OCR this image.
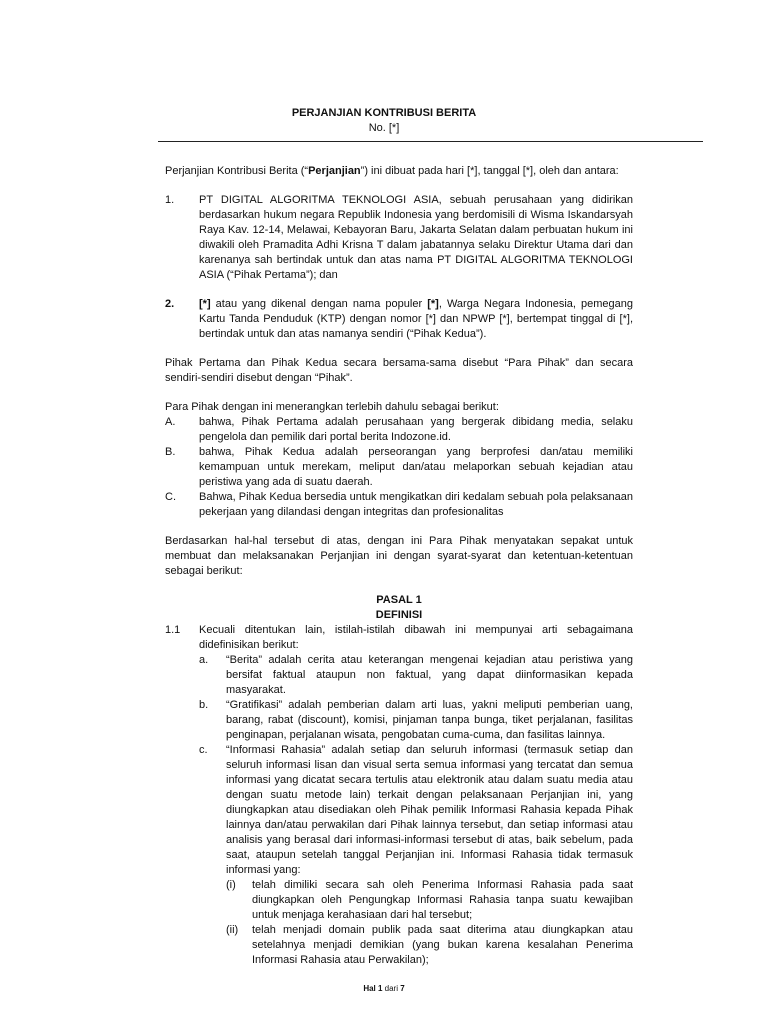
PERJANJIAN KONTRIBUSI BERITA
No. [*]

Perjanjian Kontribusi Berita (“Perjanjian”) ini dibuat pada hari [*], tanggal [*], oleh dan antara:

1.	PT DIGITAL ALGORITMA TEKNOLOGI ASIA, sebuah perusahaan yang didirikan berdasarkan hukum negara Republik Indonesia yang berdomisili di Wisma Iskandarsyah Raya Kav. 12-14, Melawai, Kebayoran Baru, Jakarta Selatan dalam perbuatan hukum ini diwakili oleh Pramadita Adhi Krisna T dalam jabatannya selaku Direktur Utama dari dan karenanya sah bertindak untuk dan atas nama PT DIGITAL ALGORITMA TEKNOLOGI ASIA (“Pihak Pertama”); dan
2.	[*] atau yang dikenal dengan nama populer [*], Warga Negara Indonesia, pemegang Kartu Tanda Penduduk (KTP) dengan nomor [*] dan NPWP [*], bertempat tinggal di [*], bertindak untuk dan atas namanya sendiri (“Pihak Kedua”).

Pihak Pertama dan Pihak Kedua secara bersama-sama disebut “Para Pihak” dan secara sendiri-sendiri disebut dengan “Pihak”.

Para Pihak dengan ini menerangkan terlebih dahulu sebagai berikut:

A.	bahwa, Pihak Pertama adalah perusahaan yang bergerak dibidang media, selaku pengelola dan pemilik dari portal berita Indozone.id.
B.	bahwa, Pihak Kedua adalah perseorangan yang berprofesi dan/atau memiliki kemampuan untuk merekam, meliput dan/atau melaporkan sebuah kejadian atau peristiwa yang ada di suatu daerah.
C.	Bahwa, Pihak Kedua bersedia untuk mengikatkan diri kedalam sebuah pola pelaksanaan pekerjaan yang dilandasi dengan integritas dan profesionalitas

Berdasarkan hal-hal tersebut di atas, dengan ini Para Pihak menyatakan sepakat untuk membuat dan melaksanakan Perjanjian ini dengan syarat-syarat dan ketentuan-ketentuan sebagai berikut:

PASAL 1
DEFINISI
1.1	Kecuali ditentukan lain, istilah-istilah dibawah ini mempunyai arti sebagaimana didefinisikan berikut:
a.	“Berita” adalah cerita atau keterangan mengenai kejadian atau peristiwa yang bersifat faktual ataupun non faktual, yang dapat diinformasikan kepada masyarakat.
b.	“Gratifikasi” adalah pemberian dalam arti luas, yakni meliputi pemberian uang, barang, rabat (discount), komisi, pinjaman tanpa bunga, tiket perjalanan, fasilitas penginapan, perjalanan wisata, pengobatan cuma-cuma, dan fasilitas lainnya.
c.	“Informasi Rahasia” adalah setiap dan seluruh informasi (termasuk setiap dan seluruh informasi lisan dan visual serta semua informasi yang tercatat dan semua informasi yang dicatat secara tertulis atau elektronik atau dalam suatu media atau dengan suatu metode lain) terkait dengan pelaksanaan Perjanjian ini, yang diungkapkan atau disediakan oleh Pihak pemilik Informasi Rahasia kepada Pihak lainnya dan/atau perwakilan dari Pihak lainnya tersebut, dan setiap informasi atau analisis yang berasal dari informasi-informasi tersebut di atas, baik sebelum, pada saat, ataupun setelah tanggal Perjanjian ini. Informasi Rahasia tidak termasuk informasi yang:
(i)	telah dimiliki secara sah oleh Penerima Informasi Rahasia pada saat diungkapkan oleh Pengungkap Informasi Rahasia tanpa suatu kewajiban untuk menjaga kerahasiaan dari hal tersebut;
(ii)	telah menjadi domain publik pada saat diterima atau diungkapkan atau setelahnya menjadi demikian (yang bukan karena kesalahan Penerima Informasi Rahasia atau Perwakilan);
Hal 1 dari 7
